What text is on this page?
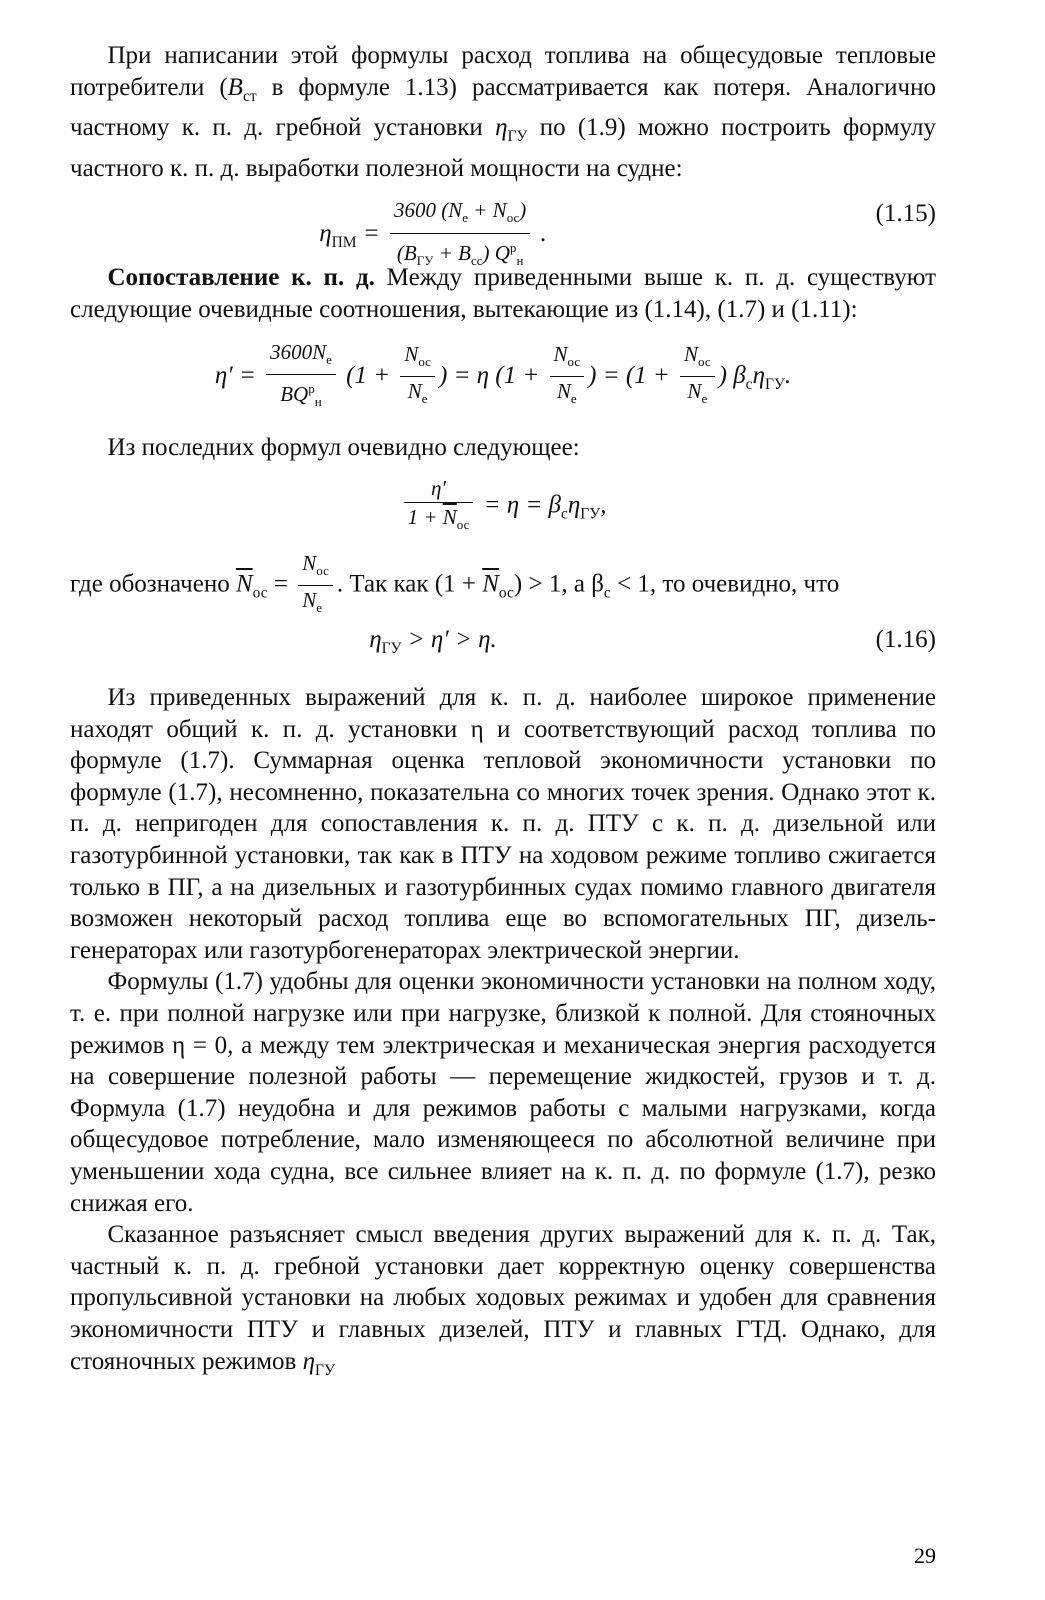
При написании этой формулы расход топлива на общесудовые тепловые потребители ($B_{ст}$ в формуле 1.13) рассматривается как потеря. Аналогично частному к. п. д. гребной установки $\eta_{ГУ}$ по (1.9) можно построить формулу частного к. п. д. выработки полезной мощности на судне:

$\eta_{ПМ} = \frac{3600 (N_e + N_{ос})}{(B_{ГУ} + B_{сс}) Q^р_н}$ .
(1.15)

Сопоставление к. п. д. Между приведенными выше к. п. д. существуют следующие очевидные соотношения, вытекающие из (1.14), (1.7) и (1.11):

$\eta' = \frac{3600N_e}{BQ^р_н} (1 + \frac{N_{ос}}{N_e}$ ) = η ($1 + \frac{N_{ос}}{N_e}$ ) = ($1 + \frac{N_{ос}}{N_e}$ ) $\beta_с\eta_{ГУ}$.

Из последних формул очевидно следующее:

$\frac{\eta'}{1 + \overline{N}_{ос}} = \eta = \beta_с\eta_{ГУ}$,

где обозначено $\overline{N}_{ос} = \frac{N_{ос}}{N_e}$ . Так как $(1 + \overline{N}_{ос}) > 1$, а $\beta_с < 1$, то очевидно, что

$\eta_{ГУ} > \eta' > \eta$.	(1.16)

Из приведенных выражений для к. п. д. наиболее широкое применение находят общий к. п. д. установки η и соответствующий расход топлива по формуле (1.7). Суммарная оценка тепловой экономичности установки по формуле (1.7), несомненно, показательна со многих точек зрения. Однако этот к. п. д. непригоден для сопоставления к. п. д. ПТУ с к. п. д. дизельной или газотурбинной установки, так как в ПТУ на ходовом режиме топливо сжигается только в ПГ, а на дизельных и газотурбинных судах помимо главного двигателя возможен некоторый расход топлива еще во вспомогательных ПГ, дизель-генераторах или газотурбогенераторах электрической энергии.

Формулы (1.7) удобны для оценки экономичности установки на полном ходу, т. е. при полной нагрузке или при нагрузке, близкой к полной. Для стояночных режимов η = 0, а между тем электрическая и механическая энергия расходуется на совершение полезной работы — перемещение жидкостей, грузов и т. д. Формула (1.7) неудобна и для режимов работы с малыми нагрузками, когда общесудовое потребление, мало изменяющееся по абсолютной величине при уменьшении хода судна, все сильнее влияет на к. п. д. по формуле (1.7), резко снижая его.

Сказанное разъясняет смысл введения других выражений для к. п. д. Так, частный к. п. д. гребной установки дает корректную оценку совершенства пропульсивной установки на любых ходовых режимах и удобен для сравнения экономичности ПТУ и главных дизелей, ПТУ и главных ГТД. Однако, для стояночных режимов $\eta_{ГУ}$

29
